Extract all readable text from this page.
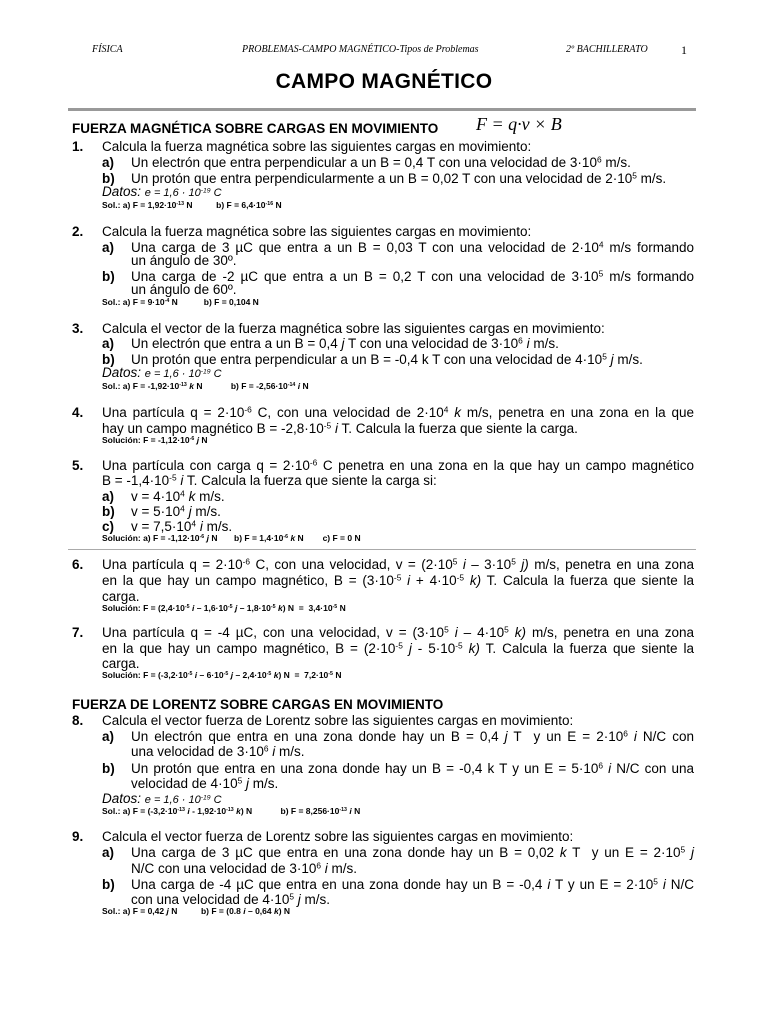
FÍSICA	PROBLEMAS-CAMPO MAGNÉTICO-Tipos de Problemas	2º BACHILLERATO	1
CAMPO MAGNÉTICO
FUERZA MAGNÉTICA SOBRE CARGAS EN MOVIMIENTO F = q·v × B
1. Calcula la fuerza magnética sobre las siguientes cargas en movimiento:
a) Un electrón que entra perpendicular a un B = 0,4 T con una velocidad de $3\cdot 10^6$ m/s.
b) Un protón que entra perpendicularmente a un B = 0,02 T con una velocidad de $2\cdot 10^5$ m/s.
Datos: $e = 1,6 \cdot 10^{-19}$ C
Sol.: a) $F = 1,92\cdot 10^{-13}$ N          b) $F = 6,4\cdot 10^{-16}$ N
2. Calcula la fuerza magnética sobre las siguientes cargas en movimiento:
a) Una carga de 3 µC que entra a un B = 0,03 T con una velocidad de $2\cdot 10^4$ m/s formando
un ángulo de 30º.
b) Una carga de -2 µC que entra a un B = 0,2 T con una velocidad de $3\cdot 10^5$ m/s formando
un ángulo de 60º.
Sol.: a) $F = 9\cdot 10^{-4}$ N           b) F = 0,104 N
3. Calcula el vector de la fuerza magnética sobre las siguientes cargas en movimiento:
a) Un electrón que entra a un B = 0,4 j T con una velocidad de $3\cdot 10^6$ i m/s.
b) Un protón que entra perpendicular a un B = -0,4 k T con una velocidad de $4\cdot 10^5$ j m/s.
Datos: $e = 1,6 \cdot 10^{-19}$ C
Sol.: a) $F = -1,92\cdot 10^{-13}$ k N            b) $F = -2,56\cdot 10^{-14}$ i N
4. Una partícula $q = 2\cdot 10^{-6}$ C, con una velocidad de $2\cdot 10^4$ k m/s, penetra en una zona en la que
hay un campo magnético $B = -2,8\cdot 10^{-5}$ i T. Calcula la fuerza que siente la carga.
Solución: $F = -1,12\cdot 10^{-6}$ j N
5. Una partícula con carga $q = 2\cdot 10^{-6}$ C penetra en una zona en la que hay un campo magnético
$B = -1,4\cdot 10^{-5}$ i T. Calcula la fuerza que siente la carga si:
a) $v = 4\cdot 10^4$ k m/s.
b) $v = 5\cdot 10^4$ j m/s.
c) $v = 7,5\cdot 10^4$ i m/s.
Solución: a) $F = -1,12\cdot 10^{-6}$ j N       b) $F = 1,4\cdot 10^{-6}$ k N        c) F = 0 N
6. Una partícula $q = 2\cdot 10^{-6}$ C, con una velocidad, $v = (2\cdot 10^5$ $i - 3\cdot 10^5$ j) m/s, penetra en una zona
en la que hay un campo magnético, $B = (3\cdot 10^{-5}$ $i + 4\cdot 10^{-5}$ k) T. Calcula la fuerza que siente la
carga.
Solución: $F = (2,4\cdot 10^{-5}$ $i - 1,6\cdot 10^{-5}$ $j - 1,8\cdot 10^{-5}$ k) $N = 3,4\cdot 10^{-5}$ N
7. Una partícula q = -4 µC, con una velocidad, $v = (3\cdot 10^5$ $i - 4\cdot 10^5$ k) m/s, penetra en una zona
en la que hay un campo magnético, $B = (2\cdot 10^{-5}$ $j - 5\cdot 10^{-5}$ k) T. Calcula la fuerza que siente la
carga.
Solución: $F = (-3,2\cdot 10^{-5}$ $i - 6\cdot 10^{-5}$ $j - 2,4\cdot 10^{-5}$ k) $N = 7,2\cdot 10^{-5}$ N
FUERZA DE LORENTZ SOBRE CARGAS EN MOVIMIENTO
8. Calcula el vector fuerza de Lorentz sobre las siguientes cargas en movimiento:
a) Un electrón que entra en una zona donde hay un B = 0,4 j T  y un $E = 2\cdot 10^6$ i N/C con
una velocidad de $3\cdot 10^6$ i m/s.
b) Un protón que entra en una zona donde hay un B = -0,4 k T y un $E = 5\cdot 10^6$ i N/C con una
velocidad de $4\cdot 10^5$ j m/s.
Datos: $e = 1,6 \cdot 10^{-19}$ C
Sol.: a) $F = (-3,2\cdot 10^{-13}$ $i - 1,92\cdot 10^{-13}$ k) N            b) $F = 8,256\cdot 10^{-13}$ i N
9. Calcula el vector fuerza de Lorentz sobre las siguientes cargas en movimiento:
a) Una carga de 3 µC que entra en una zona donde hay un B = 0,02 k T  y un $E = 2\cdot 10^5$ j
N/C con una velocidad de $3\cdot 10^6$ i m/s.
b) Una carga de -4 µC que entra en una zona donde hay un B = -0,4 i T y un $E = 2\cdot 10^5$ i N/C
con una velocidad de $4\cdot 10^5$ j m/s.
Sol.: a) F = 0,42 j N          b) F = (0.8 i – 0,64 k) N
